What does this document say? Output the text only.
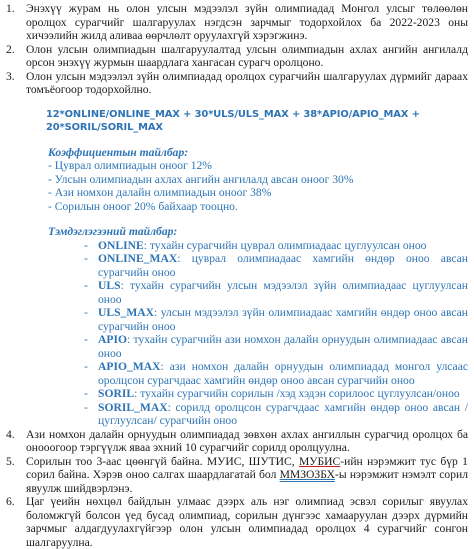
1. Энэхүү журам нь олон улсын мэдээлэл зүйн олимпиадад Монгол улсыг төлөөлөн оролцох сурагчийг шалгаруулах нэгдсэн зарчмыг тодорхойлох ба 2022-2023 оны хичээлийн жилд аливаа өөрчлөлт оруулахгүй хэрэгжинэ.
2. Олон улсын олимпиадын шалгаруулалтад улсын олимпиадын ахлах ангийн ангилалд орсон энэхүү журмын шаардлага хангасан сурагч оролцоно.
3. Олон улсын мэдээлэл зүйн олимпиадад оролцох сурагчийн шалгаруулах дүрмийг дараах томъёогоор тодорхойлно.
12*ONLINE/ONLINE_MAX + 30*ULS/ULS_MAX + 38*APIO/APIO_MAX + 20*SORIL/SORIL_MAX
Коэффициентын тайлбар:
- Цуврал олимпиадын оноог 12%
- Улсын олимпиадын ахлах ангийн ангилалд авсан оноог 30%
- Ази номхон далайн олимпиадын оноог 38%
- Сорилын оноог 20% байхаар тооцно.
Тэмдэглэгээний тайлбар:
- ONLINE: тухайн сурагчийн цуврал олимпиадаас цуглуулсан оноо
- ONLINE_MAX: цуврал олимпиадаас хамгийн өндөр оноо авсан сурагчийн оноо
- ULS: тухайн сурагчийн улсын мэдээлэл зүйн олимпиадаас цуглуулсан оноо
- ULS_MAX: улсын мэдээлэл зүйн олимпиадаас хамгийн өндөр оноо авсан сурагчийн оноо
- APIO: тухайн сурагчийн ази номхон далайн орнуудын олимпиадаас авсан оноо
- APIO_MAX: ази номхон далайн орнуудын олимпиадад монгол улсаас оролцсон сурагчдаас хамгийн өндөр оноо авсан сурагчийн оноо
- SORIL: тухайн сурагчийн сорилын /хэд хэдэн сорилоос цуглуулсан/оноо
- SORIL_MAX: сорилд оролцсон сурагчдаас хамгийн өндөр оноо авсан /цуглуулсан/ сурагчийн оноо
4. Ази номхон далайн орнуудын олимпиадад зөвхөн ахлах ангиллын сурагчид оролцох ба онооогоор тэргүүлж яваа эхний 10 сурагчийг сорилд оролцуулна.
5. Сорилын тоо 3-аас цөөнгүй байна. МУИС, ШУТИС, МУБИС-ийн нэрэмжит тус бүр 1 сорил байна. Хэрэв оноо салгах шаардлагатай бол ММЗОЗБХ-ы нэрэмжит нэмэлт сорил явуулж шийдвэрлэнэ.
6. Цаг үеийн нөхцөл байдлын улмаас дээрх аль нэг олимпиад эсвэл сорилыг явуулах боломжгүй болсон үед бусад олимпиад, сорилын дүнгээс хамааруулан дээрх дүрмийн зарчмыг алдагдуулахгүйгээр олон улсын олимпиадад оролцох 4 сурагчийг сонгон шалгаруулна.
